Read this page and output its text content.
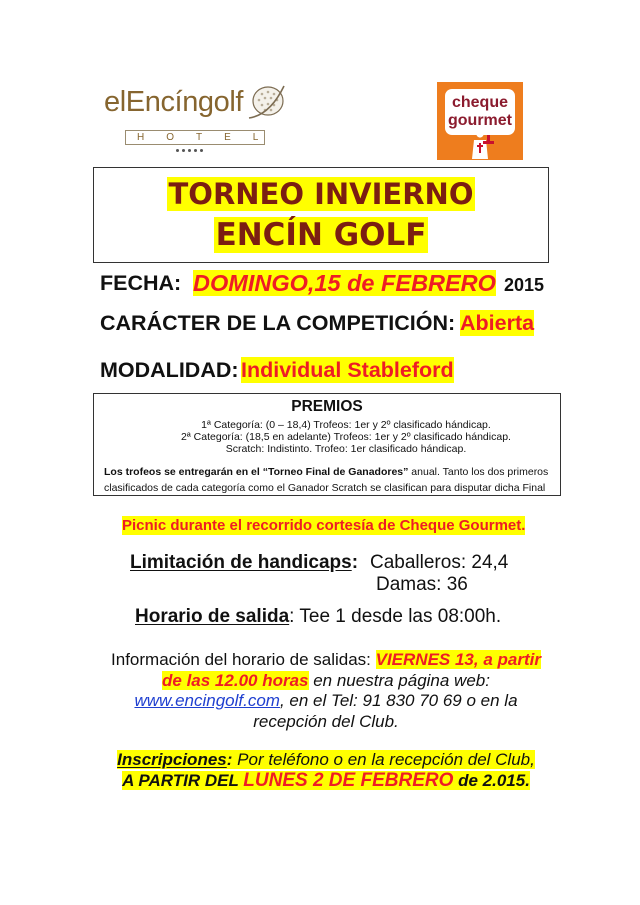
elEncíngolf
HOTEL
cheque
gourmet
TORNEO INVIERNO
ENCÍN GOLF
FECHA: DOMINGO,15 de FEBRERO 2015
CARÁCTER DE LA COMPETICIÓN: Abierta
MODALIDAD: Individual Stableford
PREMIOS
1ª Categoría: (0 – 18,4) Trofeos: 1er y 2º clasificado hándicap.
2ª Categoría: (18,5 en adelante) Trofeos: 1er y 2º clasificado hándicap.
Scratch: Indistinto. Trofeo: 1er clasificado hándicap.
Los trofeos se entregarán en el “Torneo Final de Ganadores” anual. Tanto los dos primeros
clasificados de cada categoría como el Ganador Scratch se clasifican para disputar dicha Final
Picnic durante el recorrido cortesía de Cheque Gourmet.
Limitación de handicaps: Caballeros: 24,4
Damas: 36
Horario de salida: Tee 1 desde las 08:00h.
Información del horario de salidas: VIERNES 13, a partir
de las 12.00 horas en nuestra página web:
www.encingolf.com, en el Tel: 91 830 70 69 o en la
recepción del Club.
Inscripciones: Por teléfono o en la recepción del Club,
A PARTIR DEL LUNES 2 DE FEBRERO de 2.015.
